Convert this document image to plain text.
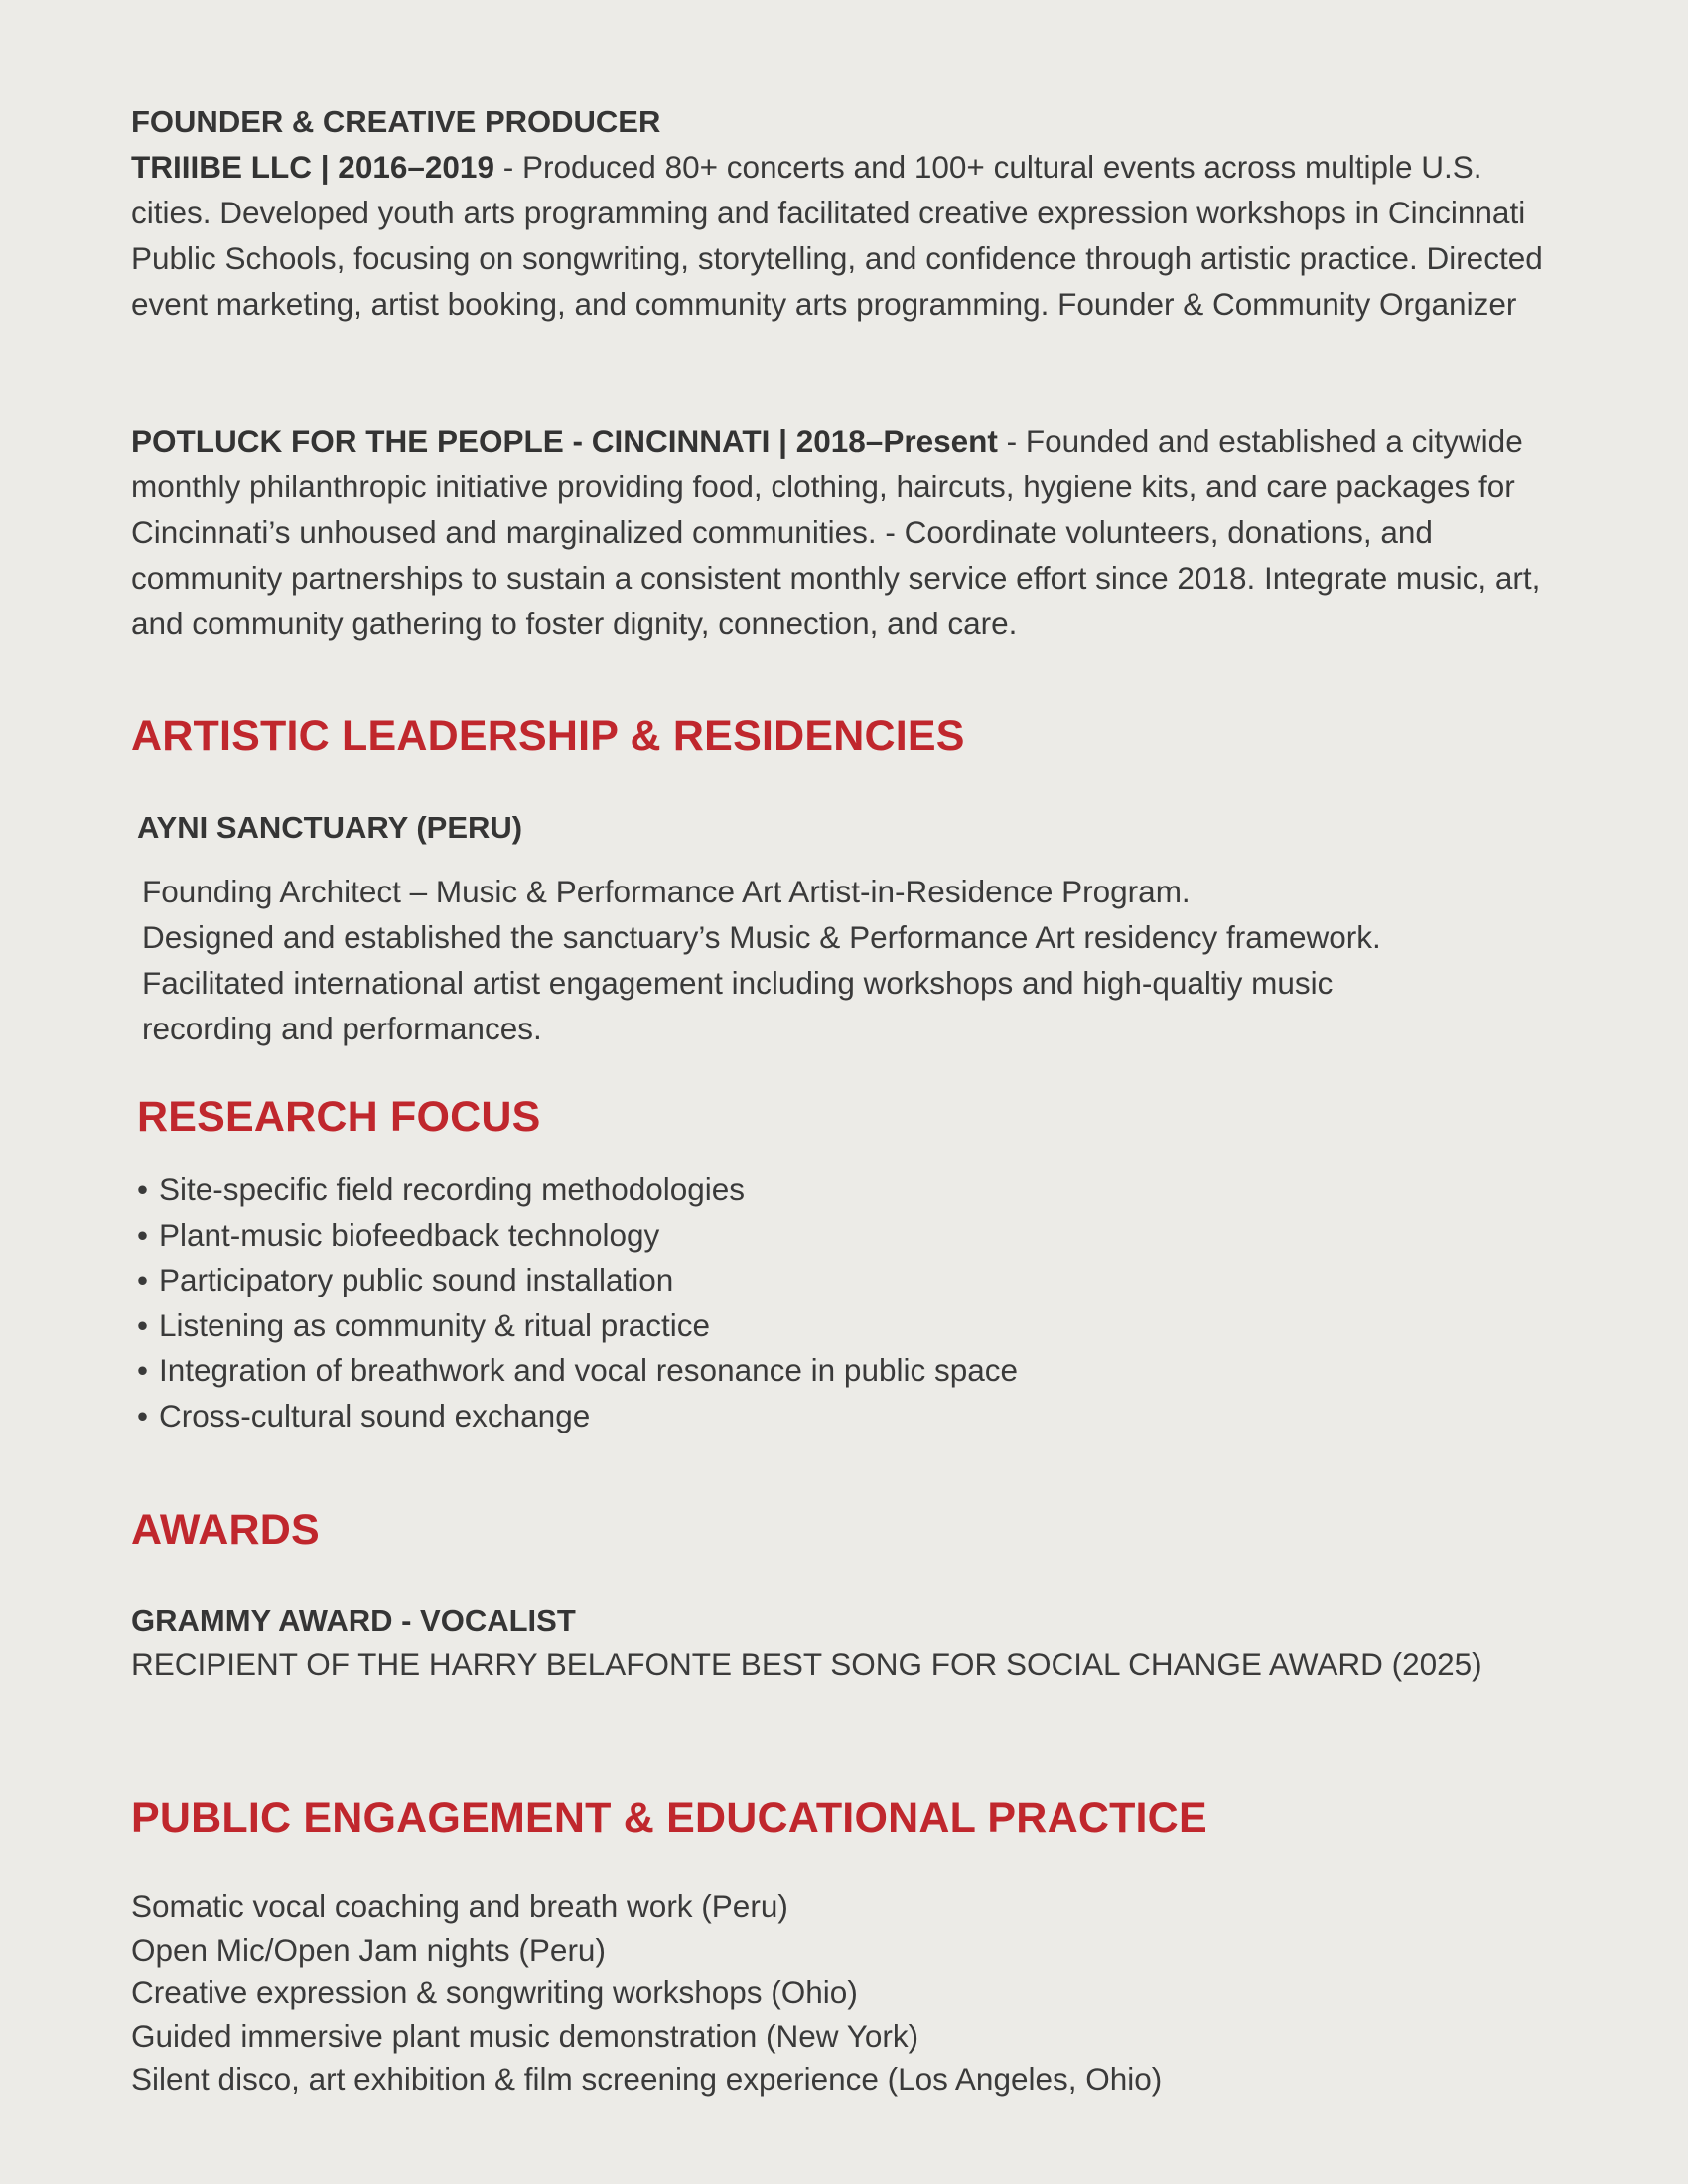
FOUNDER & CREATIVE PRODUCER

TRIIIBE LLC | 2016–2019 - Produced 80+ concerts and 100+ cultural events across multiple U.S. cities. Developed youth arts programming and facilitated creative expression workshops in Cincinnati Public Schools, focusing on songwriting, storytelling, and confidence through artistic practice. Directed event marketing, artist booking, and community arts programming. Founder & Community Organizer

POTLUCK FOR THE PEOPLE - CINCINNATI | 2018–Present - Founded and established a citywide monthly philanthropic initiative providing food, clothing, haircuts, hygiene kits, and care packages for Cincinnati’s unhoused and marginalized communities. - Coordinate volunteers, donations, and community partnerships to sustain a consistent monthly service effort since 2018. Integrate music, art, and community gathering to foster dignity, connection, and care.

ARTISTIC LEADERSHIP & RESIDENCIES
AYNI SANCTUARY (PERU)
Founding Architect – Music & Performance Art Artist-in-Residence Program.
Designed and established the sanctuary’s Music & Performance Art residency framework.
Facilitated international artist engagement including workshops and high-qualtiy music
recording and performances.
RESEARCH FOCUS
• Site-specific field recording methodologies
• Plant-music biofeedback technology
• Participatory public sound installation
• Listening as community & ritual practice
• Integration of breathwork and vocal resonance in public space
• Cross-cultural sound exchange
AWARDS
GRAMMY AWARD - VOCALIST

RECIPIENT OF THE HARRY BELAFONTE BEST SONG FOR SOCIAL CHANGE AWARD (2025)

PUBLIC ENGAGEMENT & EDUCATIONAL PRACTICE
Somatic vocal coaching and breath work (Peru)
Open Mic/Open Jam nights (Peru)
Creative expression & songwriting workshops (Ohio)
Guided immersive plant music demonstration (New York)
Silent disco, art exhibition & film screening experience (Los Angeles, Ohio)
